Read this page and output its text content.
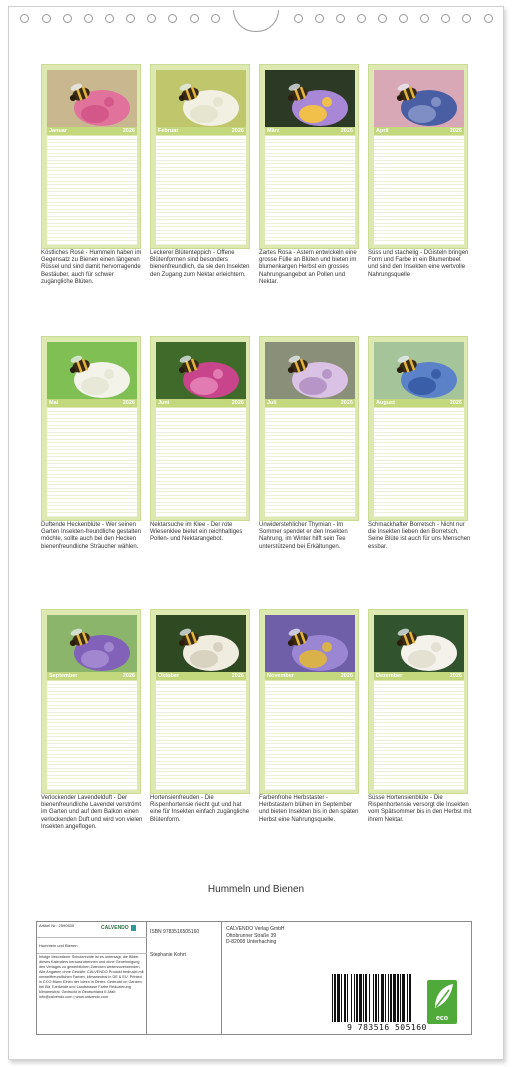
Januar	2026
Köstliches Rosé - Hummeln haben im Gegensatz zu Bienen einen längeren Rüssel und sind damit hervorragende Bestäuber, auch für schwer zugängliche Blüten.
Februar	2026
Leckerer Blütenteppich - Offene Blütenformen sind besonders bienenfreundlich, da sie den Insekten den Zugang zum Nektar erleichtern.
März	2026
Zartes Rosa - Astern entwickeln eine grosse Fülle an Blüten und bieten im blumenkargen Herbst ein grosses Nahrungsangebot an Pollen und Nektar.
April	2026
Süss und stachelig - DGisteln bringen Form und Farbe in ein Blumenbeet und sind den Insekten eine wertvolle Nahrungsquelle
Mai	2026
Duftende Heckenblüte - Wer seinen Garten Insekten-freundliche gestalten möchte, sollte auch bei den Hecken bienenfreundliche Sträucher wählen.
Juni	2026
Nektarsuche im Klee - Der rote Wiesenklee bietet ein reichhaltiges Pollen- und Nektarangebot.
Juli	2026
Unwiderstehlicher Thymian - Im Sommer spendet er den Insekten Nahrung, im Winter hilft sein Tee unterstützend bei Erkältungen.
August	2026
Schmackhafter Borretsch - Nicht nur die Insekten lieben den Borretsch. Seine Blüte ist auch für uns Menschen essbar.
September	2026
Verlockender Lavendelduft - Der bienenfreundliche Lavendel verströmt im Garten und auf dem Balkon einen verlockenden Duft und wird von vielen Insekten angeflogen.
Oktober	2026
Hortensienfreuden - Die Rispenhortensie riecht gut und hat eine für Insekten einfach zugängliche Blütenform.
November	2026
Farbenfrohe Herbstaster - Herbstastern blühen im September und bieten Insekten bis in den späten Herbst eine Nahrungsquelle.
Dezember	2026
Süsse Hortensienblüte - Die Rispenhortensie versorgt die Insekten vom Spätsommer bis in den Herbst mit ihrem Nektar.
Hummeln und Bienen
Artikel Nr.: 2590635	CALVENDO
Hummeln und Bienen
Infolge besonderer Schutzrechte ist es untersagt, die Bilder dieses Kalenders herauszutrennen und ohne Genehmigung des Verlages zu gewerblichen Zwecken weiterzuverwenden. Alle Angaben ohne Gewähr. CALVENDO Produkt bedruckt mit umweltfreundlichen Farben, klimaneutral in DE & EU. Printed in CCO Blanc Elnen der Ideen in Dinter. Gedruckt im Ganzen bei Biz Tuerkeide und Landstrasse Farbe Reduzierung klimaneutral. Gedruckt in Deutschland E-Mail: info@calvendo.com | www.calvendo.com
ISBN 9783516505160
Stephanie Kohrt
CALVENDO Verlag GmbH
Ottobrunner Straße 39
D-82008 Unterhaching
9 783516 505160
eco
